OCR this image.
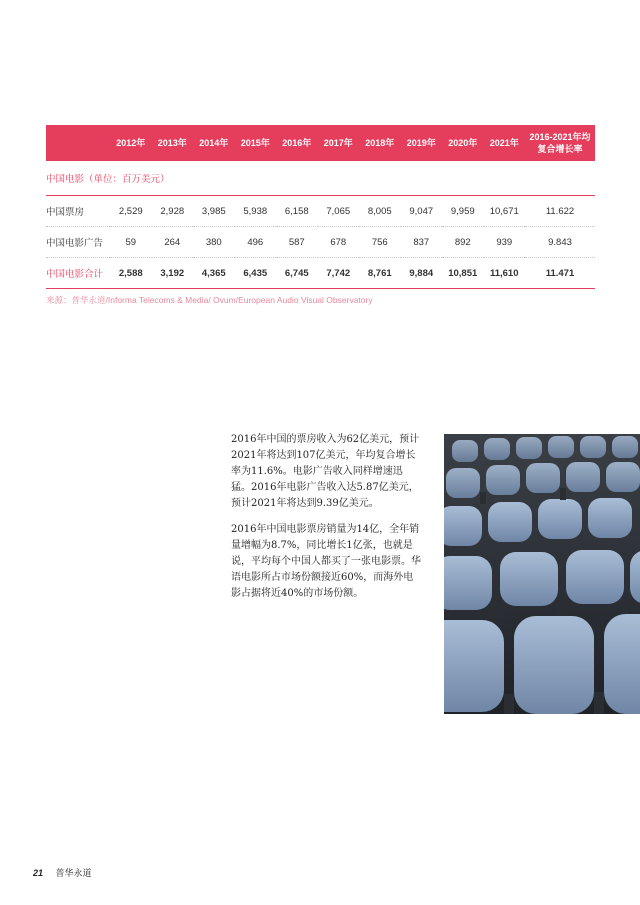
	2012年	2013年	2014年	2015年	2016年	2017年	2018年	2019年	2020年	2021年	2016-2021年均
复合增长率
中国电影（单位：百万美元）											
中国票房	2,529	2,928	3,985	5,938	6,158	7,065	8,005	9,047	9,959	10,671	11.622
中国电影广告	59	264	380	496	587	678	756	837	892	939	9.843
中国电影合计	2,588	3,192	4,365	6,435	6,745	7,742	8,761	9,884	10,851	11,610	11.471
来源：普华永道/Informa Telecoms & Media/ Ovum/European Audio Visual Observatory

2016年中国的票房收入为62亿美元，预计2021年将达到107亿美元，年均复合增长率为11.6%。电影广告收入同样增速迅猛。2016年电影广告收入达5.87亿美元，预计2021年将达到9.39亿美元。

2016年中国电影票房销量为14亿，全年销量增幅为8.7%，同比增长1亿张，也就是说，平均每个中国人都买了一张电影票。华语电影所占市场份额接近60%，而海外电影占据将近40%的市场份额。

21 普华永道
